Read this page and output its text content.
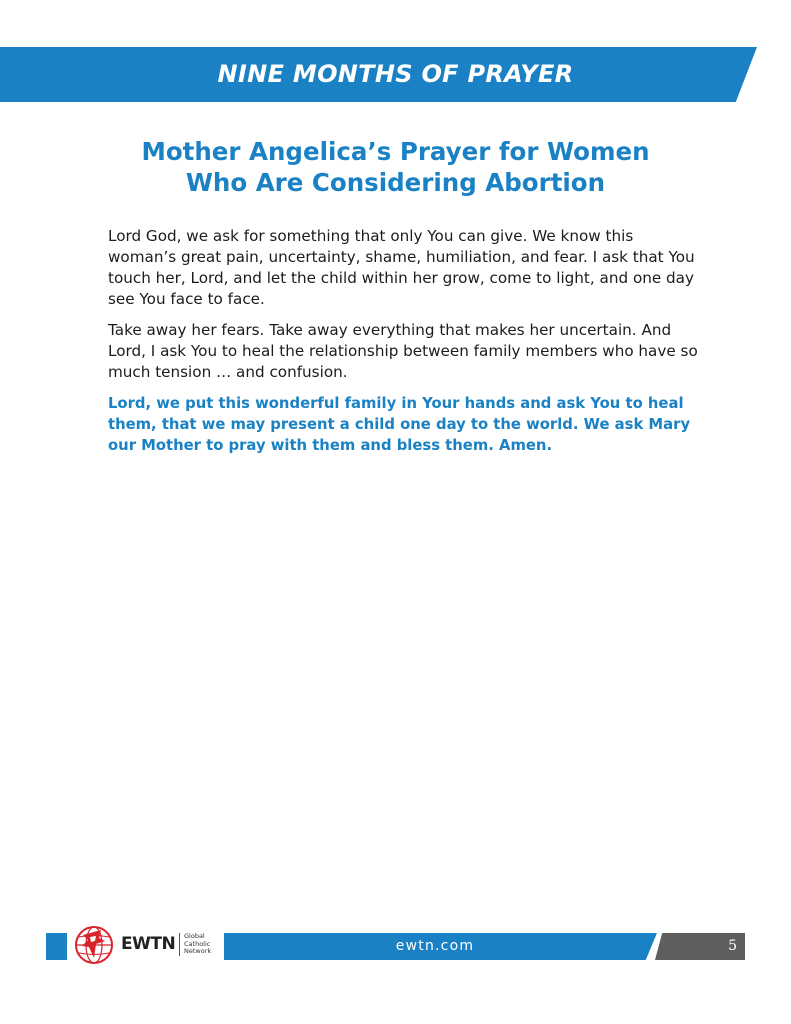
NINE MONTHS OF PRAYER
Mother Angelica’s Prayer for Women
Who Are Considering Abortion

Lord God, we ask for something that only You can give. We know this woman’s great pain, uncertainty, shame, humiliation, and fear. I ask that You touch her, Lord, and let the child within her grow, come to light, and one day see You face to face.

Take away her fears. Take away everything that makes her uncertain. And Lord, I ask You to heal the relationship between family members who have so much tension … and confusion.

Lord, we put this wonderful family in Your hands and ask You to heal them, that we may present a child one day to the world. We ask Mary our Mother to pray with them and bless them. Amen.

EWTN Global
Catholic
Network	ewtn.com	5
